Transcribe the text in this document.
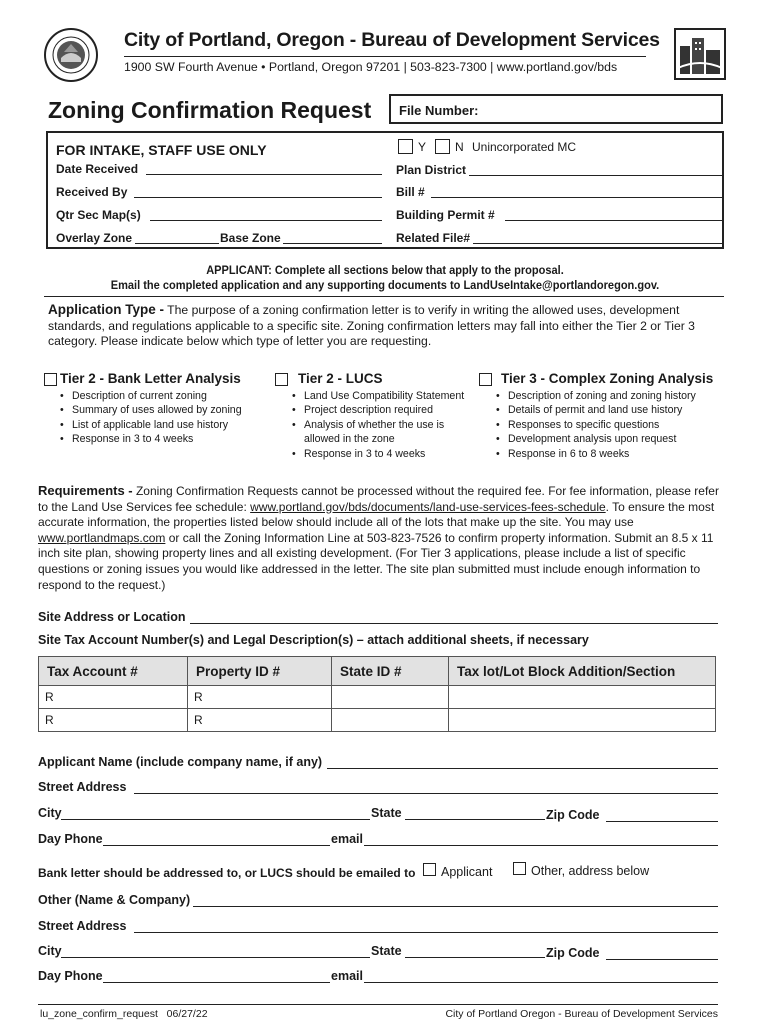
City of Portland, Oregon - Bureau of Development Services
1900 SW Fourth Avenue • Portland, Oregon 97201 | 503-823-7300 | www.portland.gov/bds
Zoning Confirmation Request File Number:
FOR INTAKE, STAFF USE ONLY
Date Received
Received By
Qtr Sec Map(s)
Overlay Zone	Base Zone
Y N Unincorporated MC
Plan District
Bill #
Building Permit #
Related File#
APPLICANT: Complete all sections below that apply to the proposal.
Email the completed application and any supporting documents to LandUseIntake@portlandoregon.gov.
Application Type - The purpose of a zoning confirmation letter is to verify in writing the allowed uses, development standards, and regulations applicable to a specific site. Zoning confirmation letters may fall into either the Tier 2 or Tier 3 category. Please indicate below which type of letter you are requesting.
Tier 2 - Bank Letter Analysis
• Description of current zoning
• Summary of uses allowed by zoning
• List of applicable land use history
• Response in 3 to 4 weeks
Tier 2 - LUCS
• Land Use Compatibility Statement
• Project description required
• Analysis of whether the use is allowed in the zone
• Response in 3 to 4 weeks
Tier 3 - Complex Zoning Analysis
• Description of zoning and zoning history
• Details of permit and land use history
• Responses to specific questions
• Development analysis upon request
• Response in 6 to 8 weeks
Requirements - Zoning Confirmation Requests cannot be processed without the required fee. For fee information, please refer to the Land Use Services fee schedule: www.portland.gov/bds/documents/land-use-services-fees-schedule. To ensure the most accurate information, the properties listed below should include all of the lots that make up the site. You may use www.portlandmaps.com or call the Zoning Information Line at 503-823-7526 to confirm property information. Submit an 8.5 x 11 inch site plan, showing property lines and all existing development. (For Tier 3 applications, please include a list of specific questions or zoning issues you would like addressed in the letter. The site plan submitted must include enough information to respond to the request.)
Site Address or Location
Site Tax Account Number(s) and Legal Description(s) – attach additional sheets, if necessary
Tax Account #	Property ID #	State ID #	Tax lot/Lot Block Addition/Section
R	R		
R	R		
Applicant Name (include company name, if any)
Street Address
City	State	Zip Code
Day Phone	email
Bank letter should be addressed to, or LUCS should be emailed to Applicant	Other, address below
Other (Name & Company)
Street Address
City	State	Zip Code
Day Phone	email
lu_zone_confirm_request   06/27/22	City of Portland Oregon - Bureau of Development Services
